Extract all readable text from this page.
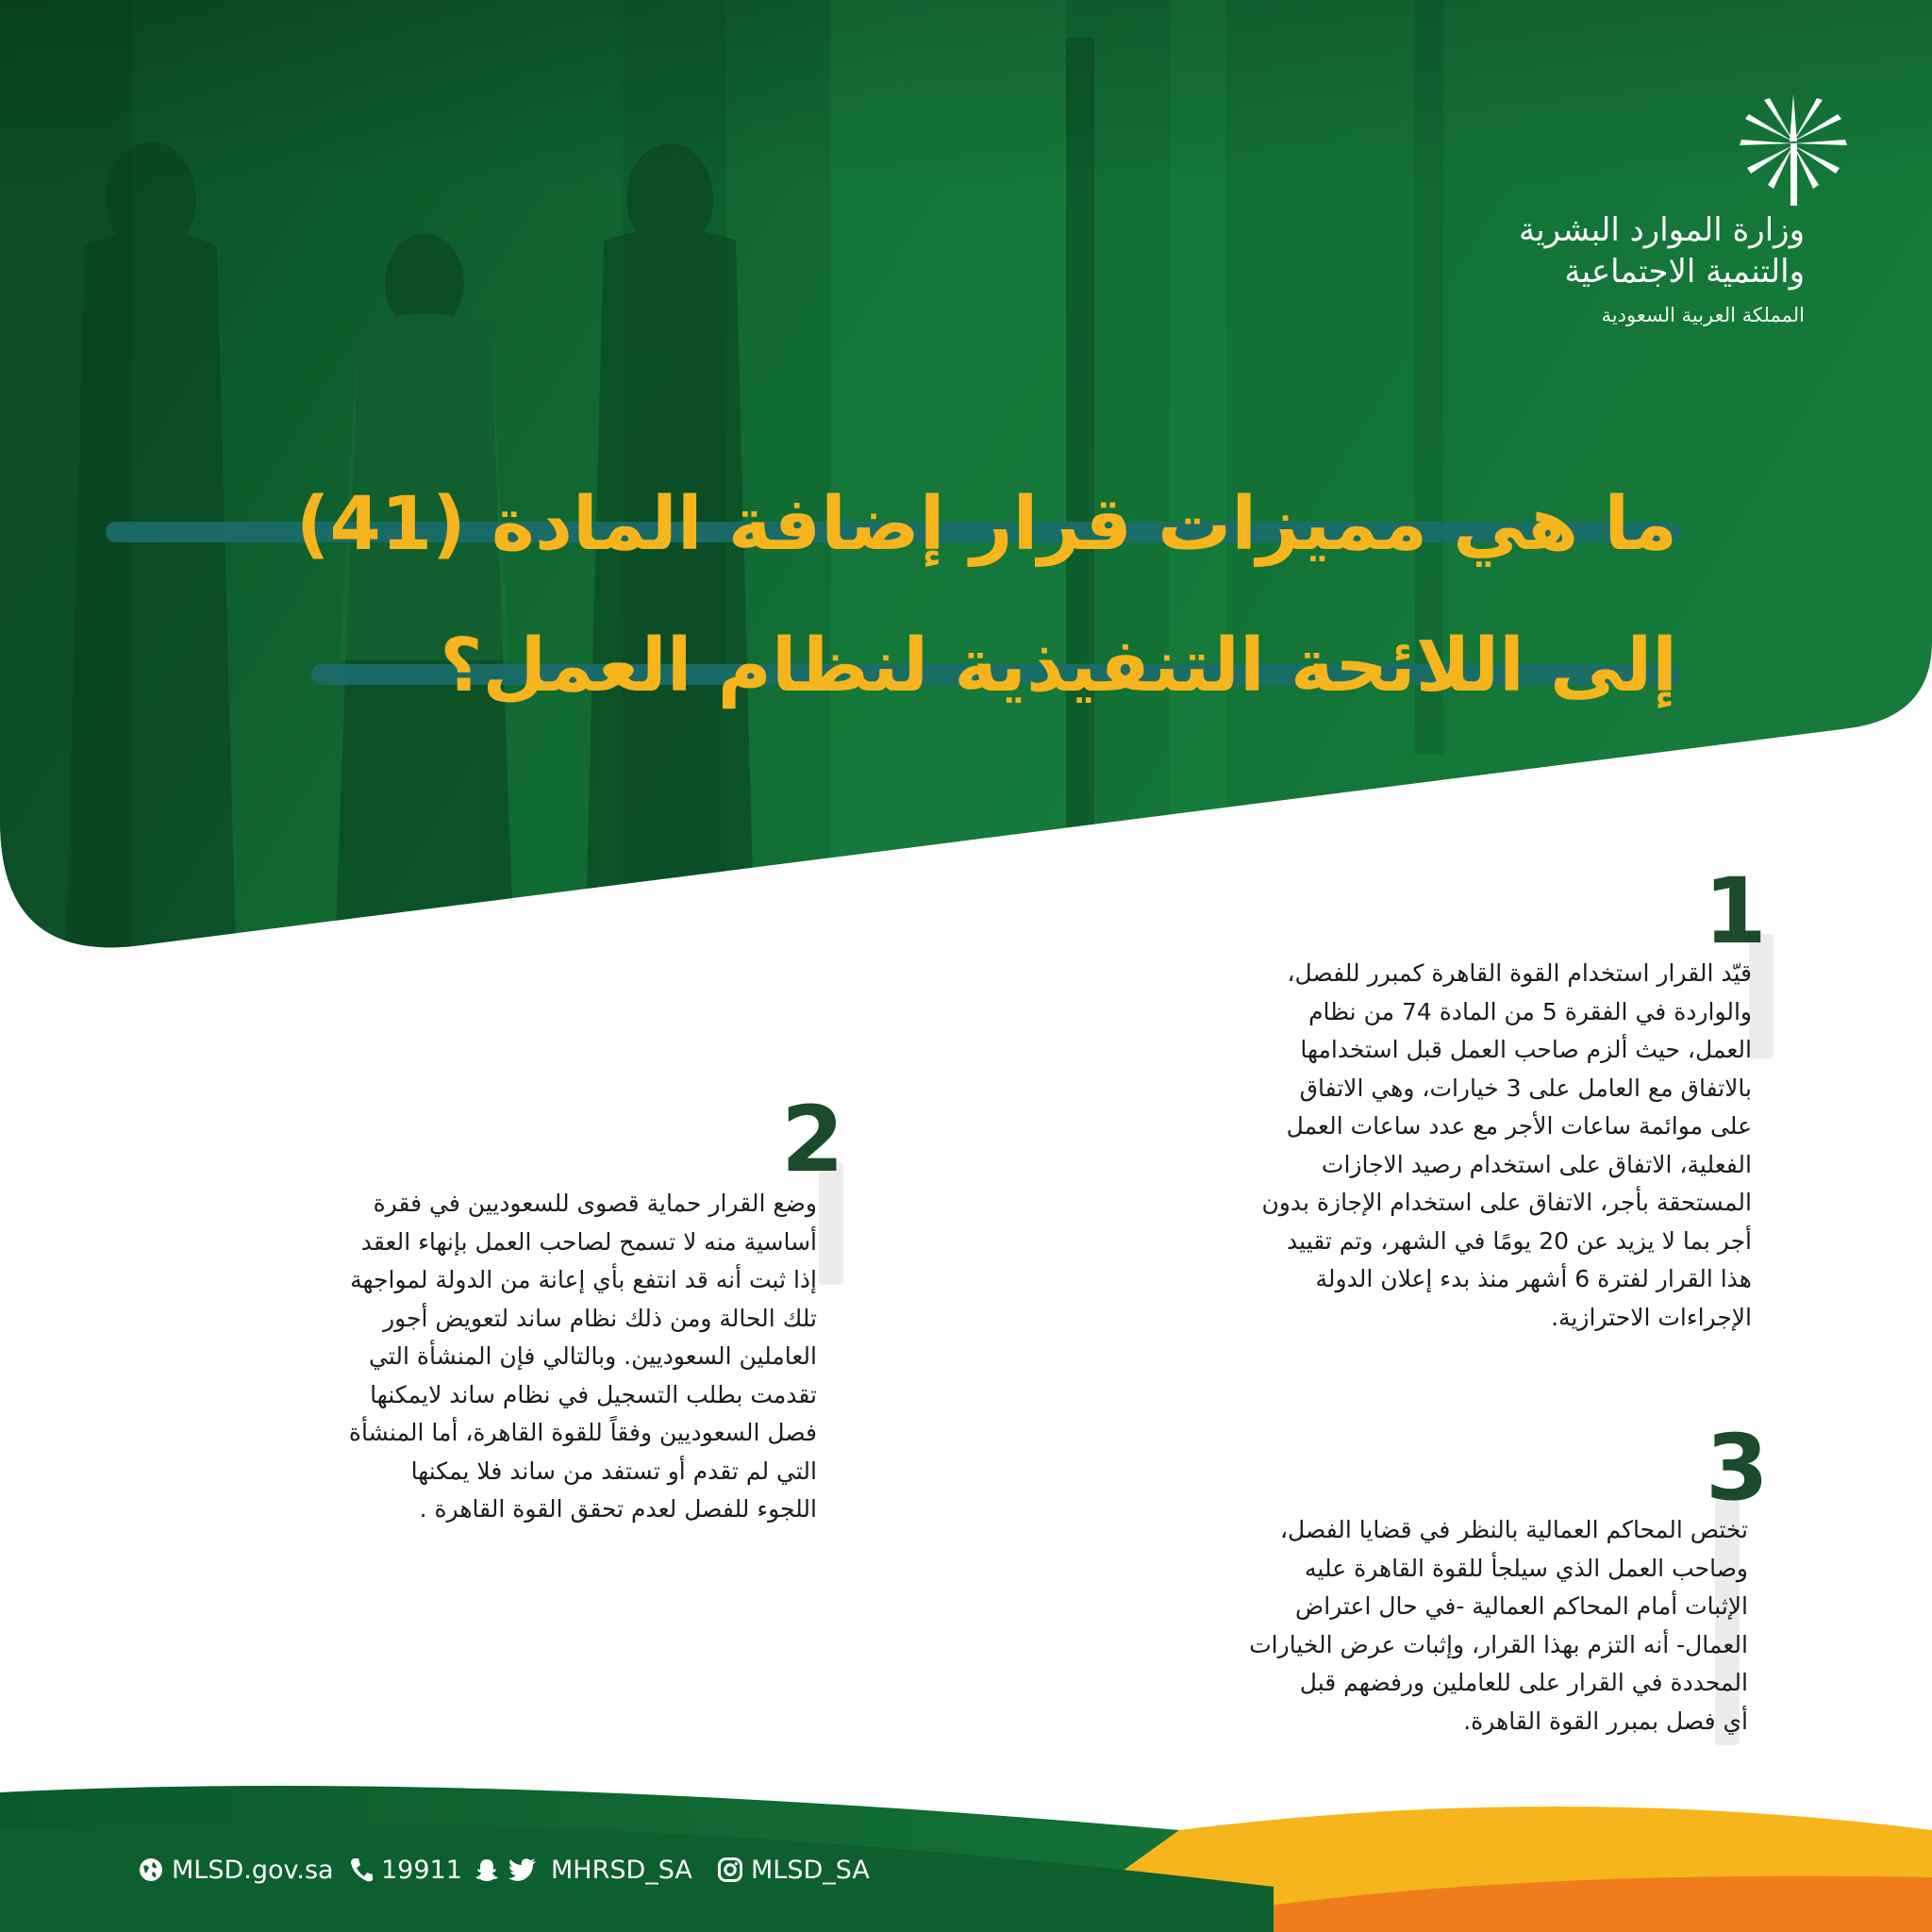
وزارة الموارد البشرية
والتنمية الاجتماعية
المملكة العربية السعودية
ما هي مميزات قرار إضافة المادة (41)
إلى اللائحة التنفيذية لنظام العمل؟
1
قيّد القرار استخدام القوة القاهرة كمبرر للفصل،
والواردة في الفقرة 5 من المادة 74 من نظام
العمل، حيث ألزم صاحب العمل قبل استخدامها
بالاتفاق مع العامل على 3 خيارات، وهي الاتفاق
على موائمة ساعات الأجر مع عدد ساعات العمل
الفعلية، الاتفاق على استخدام رصيد الاجازات
المستحقة بأجر، الاتفاق على استخدام الإجازة بدون
أجر بما لا يزيد عن 20 يومًا في الشهر، وتم تقييد
هذا القرار لفترة 6 أشهر منذ بدء إعلان الدولة
الإجراءات الاحترازية.
2
وضع القرار حماية قصوى للسعوديين في فقرة
أساسية منه لا تسمح لصاحب العمل بإنهاء العقد
إذا ثبت أنه قد انتفع بأي إعانة من الدولة لمواجهة
تلك الحالة ومن ذلك نظام ساند لتعويض أجور
العاملين السعوديين. وبالتالي فإن المنشأة التي
تقدمت بطلب التسجيل في نظام ساند لايمكنها
فصل السعوديين وفقاً للقوة القاهرة، أما المنشأة
التي لم تقدم أو تستفد من ساند فلا يمكنها
اللجوء للفصل لعدم تحقق القوة القاهرة .	3
تختص المحاكم العمالية بالنظر في قضايا الفصل،
وصاحب العمل الذي سيلجأ للقوة القاهرة عليه
الإثبات أمام المحاكم العمالية -في حال اعتراض
العمال- أنه التزم بهذا القرار، وإثبات عرض الخيارات
المحددة في القرار على للعاملين ورفضهم قبل
أي فصل بمبرر القوة القاهرة.
MLSD.gov.sa 19911	MHRSD_SA MLSD_SA
